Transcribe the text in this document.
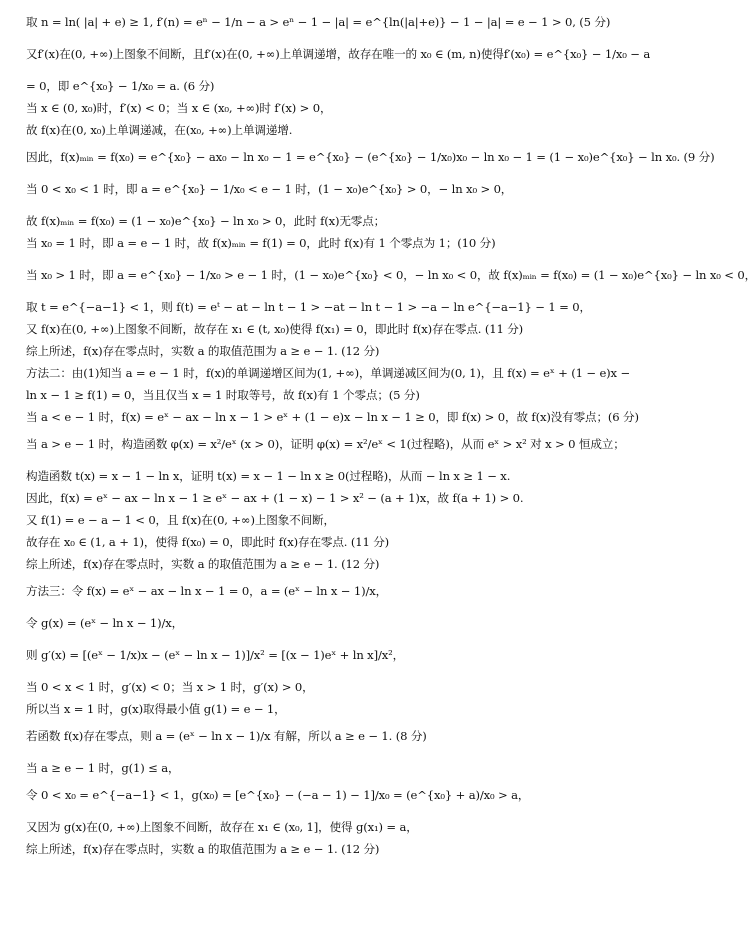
取 n = ln( |a| + e) ≥ 1, f′(n) = eⁿ − 1/n − a > eⁿ − 1 − |a| = e^{ln(|a|+e)} − 1 − |a| = e − 1 > 0, (5 分)
又f′(x)在(0, +∞)上图象不间断，且f′(x)在(0, +∞)上单调递增，故存在唯一的 x₀ ∈ (m, n)使得f′(x₀) = e^{x₀} − 1/x₀ − a
= 0，即 e^{x₀} − 1/x₀ = a. (6 分)
当 x ∈ (0, x₀)时，f′(x) < 0；当 x ∈ (x₀, +∞)时 f′(x) > 0，
故 f(x)在(0, x₀)上单调递减，在(x₀, +∞)上单调递增.
因此，f(x)ₘᵢₙ = f(x₀) = e^{x₀} − ax₀ − ln x₀ − 1 = e^{x₀} − (e^{x₀} − 1/x₀)x₀ − ln x₀ − 1 = (1 − x₀)e^{x₀} − ln x₀. (9 分)
当 0 < x₀ < 1 时，即 a = e^{x₀} − 1/x₀ < e − 1 时，(1 − x₀)e^{x₀} > 0，− ln x₀ > 0，
故 f(x)ₘᵢₙ = f(x₀) = (1 − x₀)e^{x₀} − ln x₀ > 0，此时 f(x)无零点；
当 x₀ = 1 时，即 a = e − 1 时，故 f(x)ₘᵢₙ = f(1) = 0，此时 f(x)有 1 个零点为 1；(10 分)
当 x₀ > 1 时，即 a = e^{x₀} − 1/x₀ > e − 1 时，(1 − x₀)e^{x₀} < 0，− ln x₀ < 0，故 f(x)ₘᵢₙ = f(x₀) = (1 − x₀)e^{x₀} − ln x₀ < 0，
取 t = e^{−a−1} < 1，则 f(t) = eᵗ − at − ln t − 1 > −at − ln t − 1 > −a − ln e^{−a−1} − 1 = 0，
又 f(x)在(0, +∞)上图象不间断，故存在 x₁ ∈ (t, x₀)使得 f(x₁) = 0，即此时 f(x)存在零点. (11 分)
综上所述，f(x)存在零点时，实数 a 的取值范围为 a ≥ e − 1. (12 分)
方法二：由(1)知当 a = e − 1 时，f(x)的单调递增区间为(1, +∞)，单调递减区间为(0, 1)，且 f(x) = eˣ + (1 − e)x −
ln x − 1 ≥ f(1) = 0，当且仅当 x = 1 时取等号，故 f(x)有 1 个零点；(5 分)
当 a < e − 1 时，f(x) = eˣ − ax − ln x − 1 > eˣ + (1 − e)x − ln x − 1 ≥ 0，即 f(x) > 0，故 f(x)没有零点；(6 分)
当 a > e − 1 时，构造函数 φ(x) = x²/eˣ (x > 0)，证明 φ(x) = x²/eˣ < 1(过程略)，从而 eˣ > x² 对 x > 0 恒成立；
构造函数 t(x) = x − 1 − ln x，证明 t(x) = x − 1 − ln x ≥ 0(过程略)，从而 − ln x ≥ 1 − x.
因此，f(x) = eˣ − ax − ln x − 1 ≥ eˣ − ax + (1 − x) − 1 > x² − (a + 1)x，故 f(a + 1) > 0.
又 f(1) = e − a − 1 < 0，且 f(x)在(0, +∞)上图象不间断，
故存在 x₀ ∈ (1, a + 1)，使得 f(x₀) = 0，即此时 f(x)存在零点. (11 分)
综上所述，f(x)存在零点时，实数 a 的取值范围为 a ≥ e − 1. (12 分)
方法三：令 f(x) = eˣ − ax − ln x − 1 = 0，a = (eˣ − ln x − 1)/x，
令 g(x) = (eˣ − ln x − 1)/x，
则 g′(x) = [(eˣ − 1/x)x − (eˣ − ln x − 1)]/x² = [(x − 1)eˣ + ln x]/x²，
当 0 < x < 1 时，g′(x) < 0；当 x > 1 时，g′(x) > 0，
所以当 x = 1 时，g(x)取得最小值 g(1) = e − 1，
若函数 f(x)存在零点，则 a = (eˣ − ln x − 1)/x 有解，所以 a ≥ e − 1. (8 分)
当 a ≥ e − 1 时，g(1) ≤ a，
令 0 < x₀ = e^{−a−1} < 1，g(x₀) = [e^{x₀} − (−a − 1) − 1]/x₀ = (e^{x₀} + a)/x₀ > a，
又因为 g(x)在(0, +∞)上图象不间断，故存在 x₁ ∈ (x₀, 1]，使得 g(x₁) = a，
综上所述，f(x)存在零点时，实数 a 的取值范围为 a ≥ e − 1. (12 分)
